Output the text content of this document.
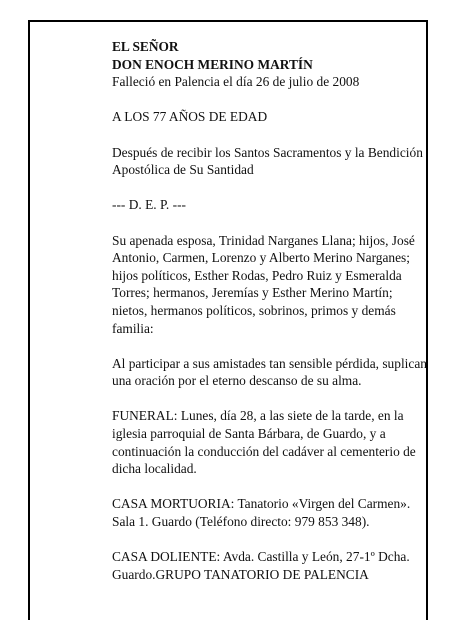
EL SEÑOR

DON ENOCH MERINO MARTÍN

Falleció en Palencia el día 26 de julio de 2008

A LOS 77 AÑOS DE EDAD

Después de recibir los Santos Sacramentos y la Bendición Apostólica de Su Santidad

--- D. E. P. ---

Su apenada esposa, Trinidad Narganes Llana; hijos, José Antonio, Carmen, Lorenzo y Alberto Merino Narganes; hijos políticos, Esther Rodas, Pedro Ruiz y Esmeralda Torres; hermanos, Jeremías y Esther Merino Martín; nietos, hermanos políticos, sobrinos, primos y demás familia:

Al participar a sus amistades tan sensible pérdida, suplican una oración por el eterno descanso de su alma.

FUNERAL: Lunes, día 28, a las siete de la tarde, en la iglesia parroquial de Santa Bárbara, de Guardo, y a continuación la conducción del cadáver al cementerio de dicha localidad.

CASA MORTUORIA: Tanatorio «Virgen del Carmen». Sala 1. Guardo (Teléfono directo: 979 853 348).

CASA DOLIENTE: Avda. Castilla y León, 27-1º Dcha. Guardo.GRUPO TANATORIO DE PALENCIA
